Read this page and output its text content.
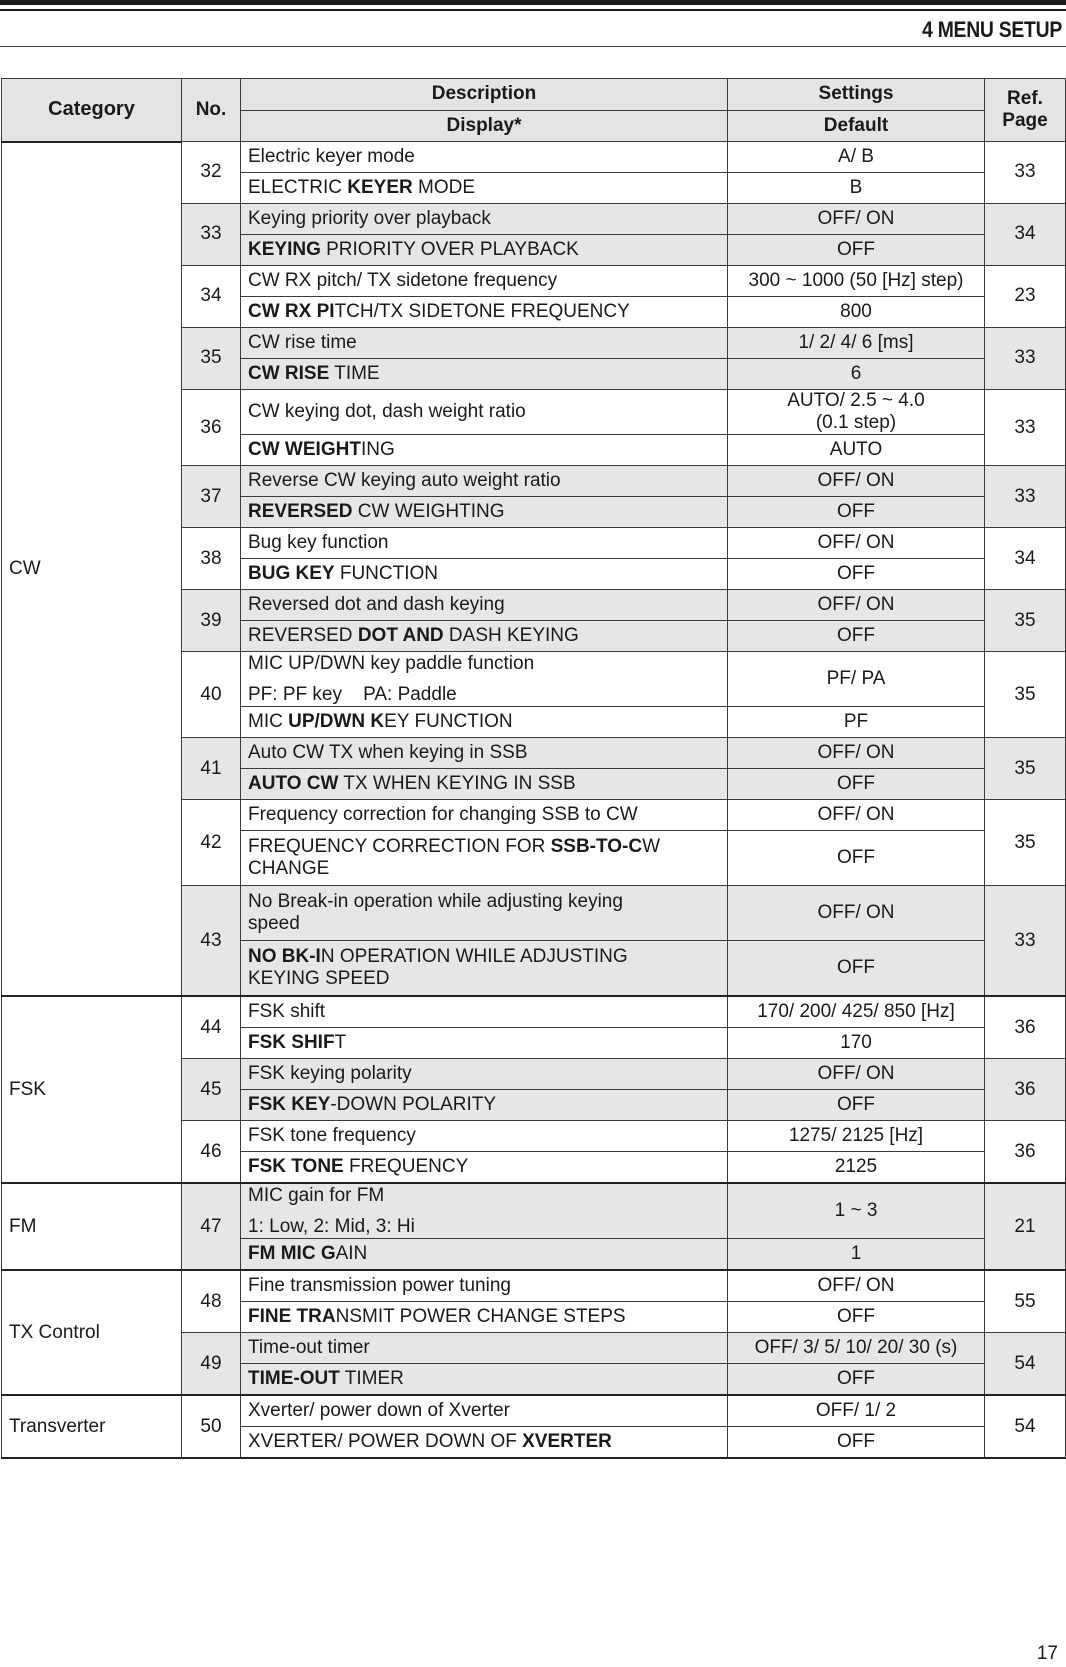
4 MENU SETUP
Category	No.	Description	Settings	Ref. Page
		Display*	Default	
CW	32	Electric keyer mode	A/ B	33
		ELECTRIC KEYER MODE	B	
	33	Keying priority over playback	OFF/ ON	34
		KEYING PRIORITY OVER PLAYBACK	OFF	
	34	CW RX pitch/ TX sidetone frequency	300 ~ 1000 (50 [Hz] step)	23
		CW RX PITCH/TX SIDETONE FREQUENCY	800	
	35	CW rise time	1/ 2/ 4/ 6 [ms]	33
		CW RISE TIME	6	
	36	CW keying dot, dash weight ratio	AUTO/ 2.5 ~ 4.0
(0.1 step)	33
		CW WEIGHTING	AUTO	
	37	Reverse CW keying auto weight ratio	OFF/ ON	33
		REVERSED CW WEIGHTING	OFF	
	38	Bug key function	OFF/ ON	34
		BUG KEY FUNCTION	OFF	
	39	Reversed dot and dash keying	OFF/ ON	35
		REVERSED DOT AND DASH KEYING	OFF	
	40	MIC UP/DWN key paddle function
PF: PF key    PA: Paddle	PF/ PA	35
		MIC UP/DWN KEY FUNCTION	PF	
	41	Auto CW TX when keying in SSB	OFF/ ON	35
		AUTO CW TX WHEN KEYING IN SSB	OFF	
	42	Frequency correction for changing SSB to CW	OFF/ ON	35
		FREQUENCY CORRECTION FOR SSB-TO-CW
CHANGE	OFF	
	43	No Break-in operation while adjusting keying
speed	OFF/ ON	33
		NO BK-IN OPERATION WHILE ADJUSTING
KEYING SPEED	OFF	
FSK	44	FSK shift	170/ 200/ 425/ 850 [Hz]	36
		FSK SHIFT	170	
	45	FSK keying polarity	OFF/ ON	36
		FSK KEY-DOWN POLARITY	OFF	
	46	FSK tone frequency	1275/ 2125 [Hz]	36
		FSK TONE FREQUENCY	2125	
FM	47	MIC gain for FM
1: Low, 2: Mid, 3: Hi	1 ~ 3	21
		FM MIC GAIN	1	
TX Control	48	Fine transmission power tuning	OFF/ ON	55
		FINE TRANSMIT POWER CHANGE STEPS	OFF	
	49	Time-out timer	OFF/ 3/ 5/ 10/ 20/ 30 (s)	54
		TIME-OUT TIMER	OFF	
Transverter	50	Xverter/ power down of Xverter	OFF/ 1/ 2	54
		XVERTER/ POWER DOWN OF XVERTER	OFF	
17
